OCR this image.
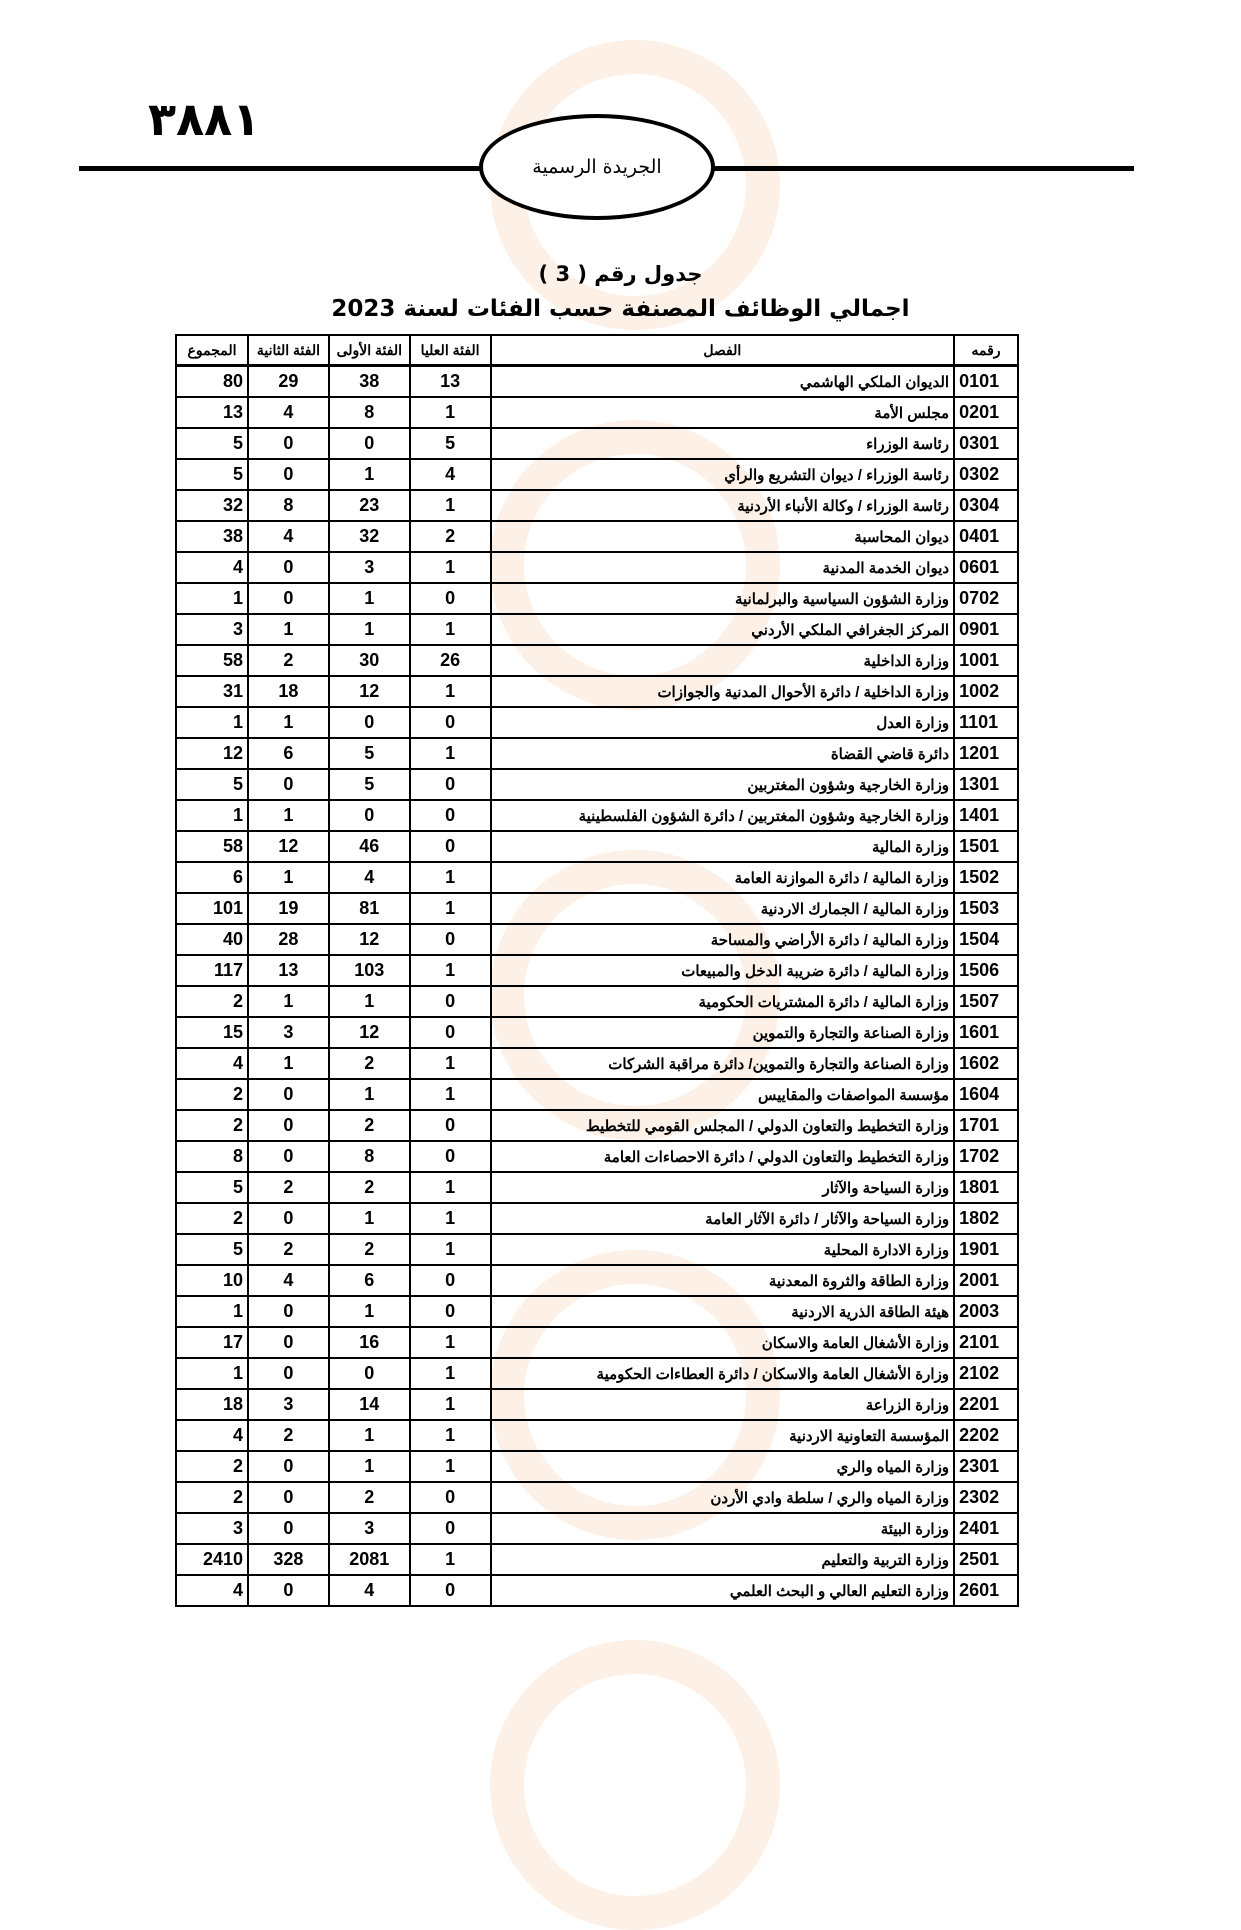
٣٨٨١
الجريدة الرسمية
جدول رقم ( 3 )
اجمالي الوظائف المصنفة حسب الفئات لسنة 2023
رقمه	الفصل	الفئة العليا	الفئة الأولى	الفئة الثانية	المجموع
0101	الديوان الملكي الهاشمي	13	38	29	80
0201	مجلس الأمة	1	8	4	13
0301	رئاسة الوزراء	5	0	0	5
0302	رئاسة الوزراء / ديوان التشريع والرأي	4	1	0	5
0304	رئاسة الوزراء / وكالة الأنباء الأردنية	1	23	8	32
0401	ديوان المحاسبة	2	32	4	38
0601	ديوان الخدمة المدنية	1	3	0	4
0702	وزارة الشؤون السياسية والبرلمانية	0	1	0	1
0901	المركز الجغرافي الملكي الأردني	1	1	1	3
1001	وزارة الداخلية	26	30	2	58
1002	وزارة الداخلية / دائرة الأحوال المدنية والجوازات	1	12	18	31
1101	وزارة العدل	0	0	1	1
1201	دائرة قاضي القضاة	1	5	6	12
1301	وزارة الخارجية وشؤون المغتربين	0	5	0	5
1401	وزارة الخارجية وشؤون المغتربين / دائرة الشؤون الفلسطينية	0	0	1	1
1501	وزارة المالية	0	46	12	58
1502	وزارة المالية / دائرة الموازنة العامة	1	4	1	6
1503	وزارة المالية / الجمارك الاردنية	1	81	19	101
1504	وزارة المالية / دائرة الأراضي والمساحة	0	12	28	40
1506	وزارة المالية / دائرة ضريبة الدخل والمبيعات	1	103	13	117
1507	وزارة المالية / دائرة المشتريات الحكومية	0	1	1	2
1601	وزارة الصناعة والتجارة والتموين	0	12	3	15
1602	وزارة الصناعة والتجارة والتموين/ دائرة مراقبة الشركات	1	2	1	4
1604	مؤسسة المواصفات والمقاييس	1	1	0	2
1701	وزارة التخطيط والتعاون الدولي / المجلس القومي للتخطيط	0	2	0	2
1702	وزارة التخطيط والتعاون الدولي / دائرة الاحصاءات العامة	0	8	0	8
1801	وزارة السياحة والآثار	1	2	2	5
1802	وزارة السياحة والآثار / دائرة الآثار العامة	1	1	0	2
1901	وزارة الادارة المحلية	1	2	2	5
2001	وزارة الطاقة والثروة المعدنية	0	6	4	10
2003	هيئة الطاقة الذرية الاردنية	0	1	0	1
2101	وزارة الأشغال العامة والاسكان	1	16	0	17
2102	وزارة الأشغال العامة والاسكان / دائرة العطاءات الحكومية	1	0	0	1
2201	وزارة الزراعة	1	14	3	18
2202	المؤسسة التعاونية الاردنية	1	1	2	4
2301	وزارة المياه والري	1	1	0	2
2302	وزارة المياه والري / سلطة وادي الأردن	0	2	0	2
2401	وزارة البيئة	0	3	0	3
2501	وزارة التربية والتعليم	1	2081	328	2410
2601	وزارة التعليم العالي و البحث العلمي	0	4	0	4
